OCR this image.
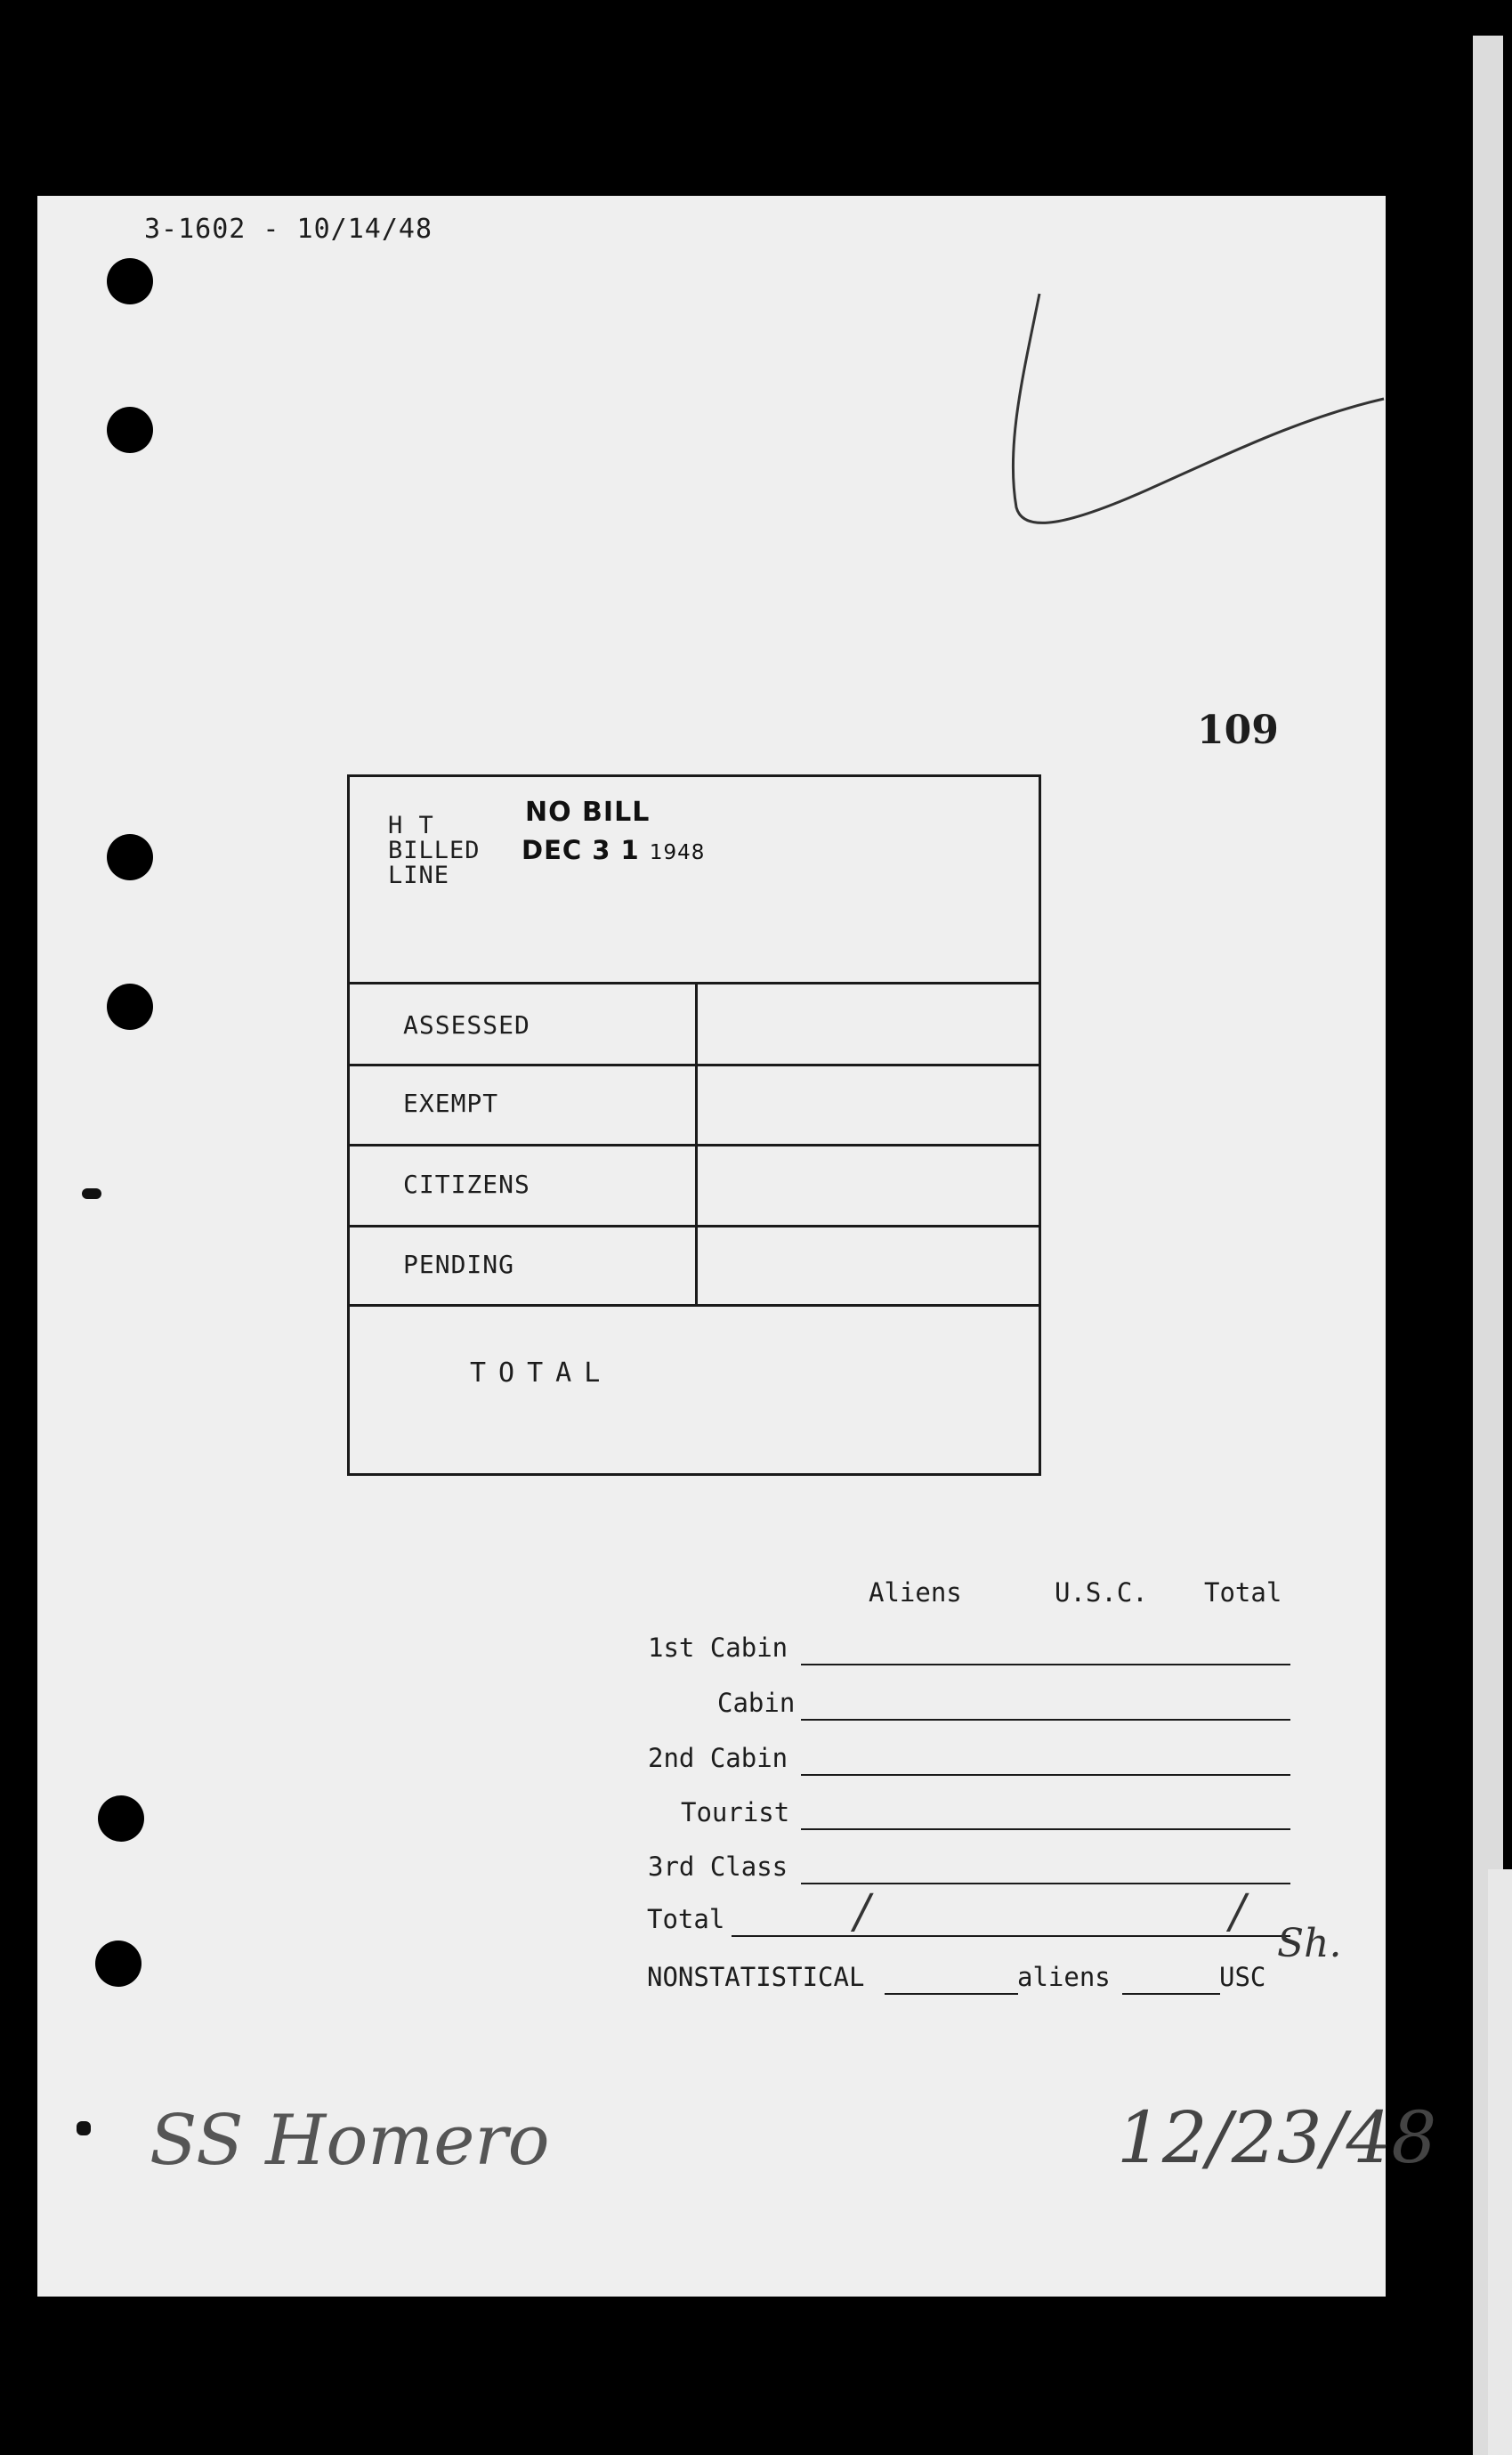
3-1602 - 10/14/48
109
H T
BILLED
LINE
NO BILL
DEC 3 1 1948
ASSESSED
EXEMPT
CITIZENS
PENDING
TOTAL
Aliens	U.S.C. Total
1st Cabin
Cabin
2nd Cabin
Tourist
3rd Class
Total	/	/
Sh.
NONSTATISTICAL	aliens	USC
SS Homero	12/23/48
